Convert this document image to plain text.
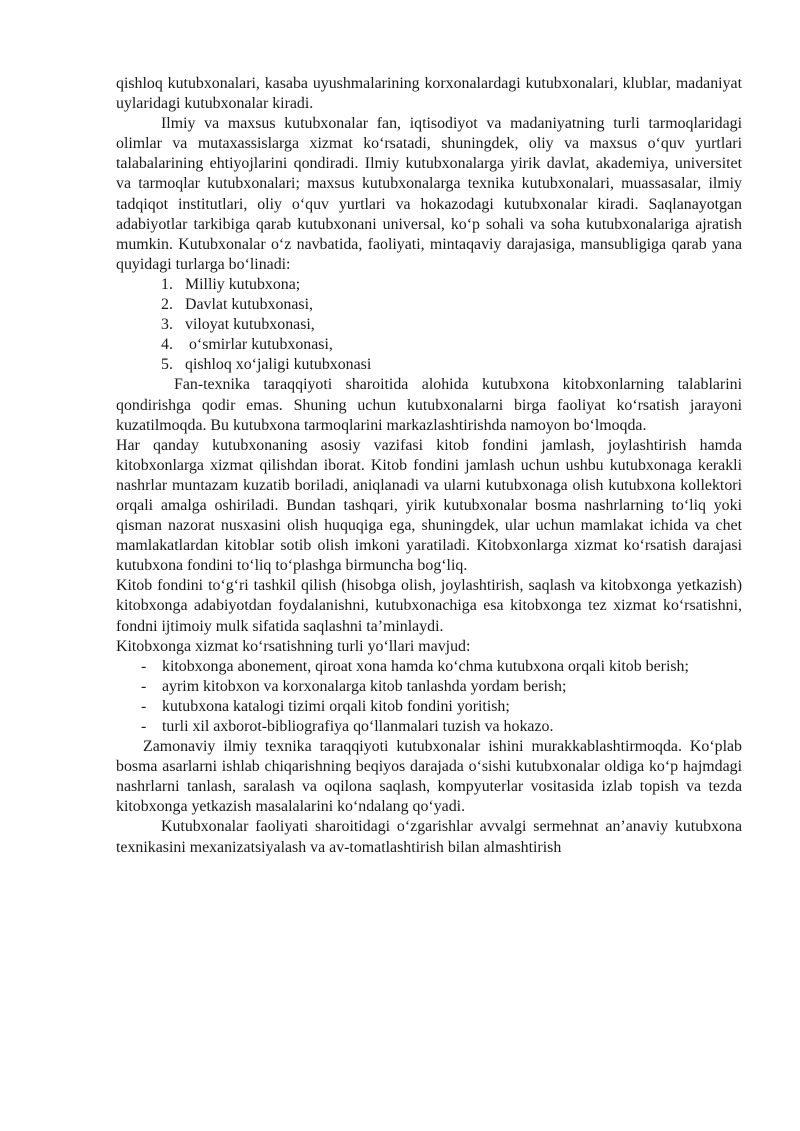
qishloq kutubxonalari, kasaba uyushmalarining korxonalardagi kutubxonalari, klublar, madaniyat uylaridagi kutubxonalar kiradi.

Ilmiy va maxsus kutubxonalar fan, iqtisodiyot va madaniyatning turli tarmoqlaridagi olimlar va mutaxassislarga xizmat ko‘rsatadi, shuningdek, oliy va maxsus o‘quv yurtlari talabalarining ehtiyojlarini qondiradi. Ilmiy kutubxonalarga yirik davlat, akademiya, universitet va tarmoqlar kutubxonalari; maxsus kutubxonalarga texnika kutubxonalari, muassasalar, ilmiy tadqiqot institutlari, oliy o‘quv yurtlari va hokazodagi kutubxonalar kiradi. Saqlanayotgan adabiyotlar tarkibiga qarab kutubxonani universal, ko‘p sohali va soha kutubxonalariga ajratish mumkin. Kutubxonalar o‘z navbatida, faoliyati, mintaqaviy darajasiga, mansubligiga qarab yana quyidagi turlarga bo‘linadi:

1. Milliy kutubxona;
2. Davlat kutubxonasi,
3. viloyat kutubxonasi,
4. o‘smirlar kutubxonasi,
5. qishloq xo‘jaligi kutubxonasi

Fan-texnika taraqqiyoti sharoitida alohida kutubxona kitobxonlarning talablarini qondirishga qodir emas. Shuning uchun kutubxonalarni birga faoliyat ko‘rsatish jarayoni kuzatilmoqda. Bu kutubxona tarmoqlarini markazlashtirishda namoyon bo‘lmoqda.

Har qanday kutubxonaning asosiy vazifasi kitob fondini jamlash, joylashtirish hamda kitobxonlarga xizmat qilishdan iborat. Kitob fondini jamlash uchun ushbu kutubxonaga kerakli nashrlar muntazam kuzatib boriladi, aniqlanadi va ularni kutubxonaga olish kutubxona kollektori orqali amalga oshiriladi. Bundan tashqari, yirik kutubxonalar bosma nashrlarning to‘liq yoki qisman nazorat nusxasini olish huquqiga ega, shuningdek, ular uchun mamlakat ichida va chet mamlakatlardan kitoblar sotib olish imkoni yaratiladi. Kitobxonlarga xizmat ko‘rsatish darajasi kutubxona fondini to‘liq to‘plashga birmuncha bog‘liq.

Kitob fondini to‘g‘ri tashkil qilish (hisobga olish, joylashtirish, saqlash va kitobxonga yetkazish) kitobxonga adabiyotdan foydalanishni, kutubxonachiga esa kitobxonga tez xizmat ko‘rsatishni, fondni ijtimoiy mulk sifatida saqlashni ta’minlaydi.

Kitobxonga xizmat ko‘rsatishning turli yo‘llari mavjud:

- kitobxonga abonement, qiroat xona hamda ko‘chma kutubxona orqali kitob berish;
- ayrim kitobxon va korxonalarga kitob tanlashda yordam berish;
- kutubxona katalogi tizimi orqali kitob fondini yoritish;
- turli xil axborot-bibliografiya qo‘llanmalari tuzish va hokazo.

Zamonaviy ilmiy texnika taraqqiyoti kutubxonalar ishini murakkablashtirmoqda. Ko‘plab bosma asarlarni ishlab chiqarishning beqiyos darajada o‘sishi kutubxonalar oldiga ko‘p hajmdagi nashrlarni tanlash, saralash va oqilona saqlash, kompyuterlar vositasida izlab topish va tezda kitobxonga yetkazish masalalarini ko‘ndalang qo‘yadi.

Kutubxonalar faoliyati sharoitidagi o‘zgarishlar avvalgi sermehnat an’anaviy kutubxona texnikasini mexanizatsiyalash va av-tomatlashtirish bilan almashtirish
